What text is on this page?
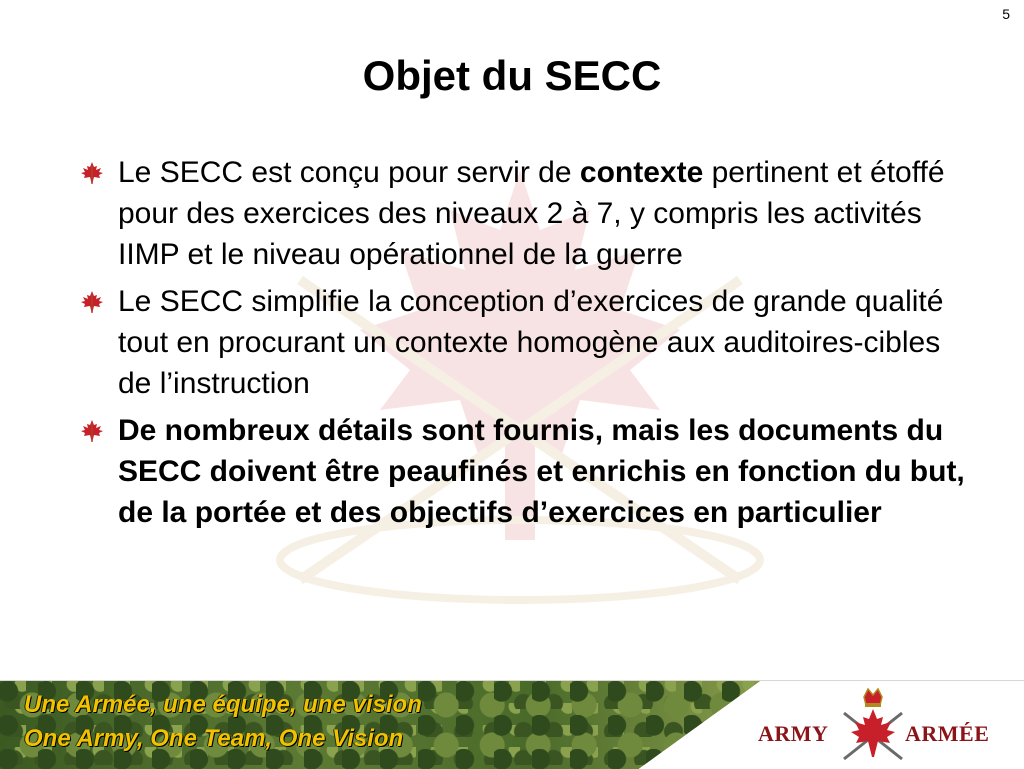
5
Objet du SECC
Le SECC est conçu pour servir de contexte pertinent et étoffé pour des exercices des niveaux 2 à 7, y compris les activités IIMP et le niveau opérationnel de la guerre
Le SECC simplifie la conception d’exercices de grande qualité tout en procurant un contexte homogène aux auditoires-cibles de l’instruction
De nombreux détails sont fournis, mais les documents du SECC doivent être peaufinés et enrichis en fonction du but, de la portée et des objectifs d’exercices en particulier
Une Armée, une équipe, une vision
One Army, One Team, One Vision	ARMY	ARMÉE
